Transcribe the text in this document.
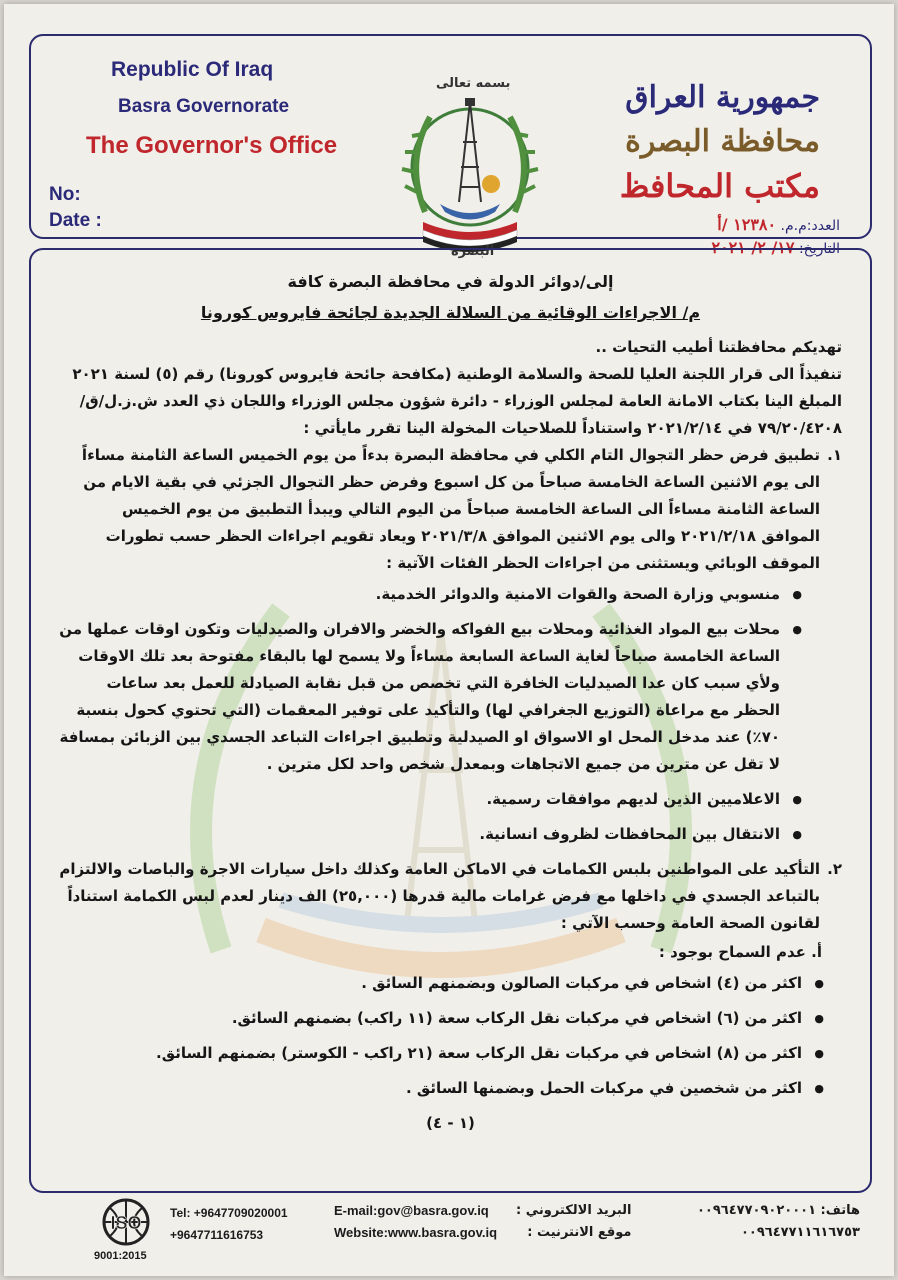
Republic Of Iraq
Basra Governorate
The Governor's Office
No:
Date :
بسمه تعالى
البصرة
جمهورية العراق
محافظة البصرة
مكتب المحافظ
العدد:م.م. ١٢٣٨٠ /أ
التاريخ: ١٧/ ٢/ ٢٠٢١

إلى/دوائر الدولة في محافظة البصرة كافة

م/ الاجراءات الوقائية من السلالة الجديدة لجائحة فايروس كورونا

تهديكم محافظتنا أطيب التحيات ..

تنفيذاً الى قرار اللجنة العليا للصحة والسلامة الوطنية (مكافحة جائحة فايروس كورونا) رقم (٥) لسنة ٢٠٢١ المبلغ الينا بكتاب الامانة العامة لمجلس الوزراء - دائرة شؤون مجلس الوزراء واللجان ذي العدد ش.ز.ل/ق/٧٩/٢٠/٤٢٠٨ في ٢٠٢١/٢/١٤ واستناداً للصلاحيات المخولة الينا تقرر مايأتي :

١.

تطبيق فرض حظر التجوال التام الكلي في محافظة البصرة بدءاً من يوم الخميس الساعة الثامنة مساءاً الى يوم الاثنين الساعة الخامسة صباحاً من كل اسبوع وفرض حظر التجوال الجزئي في بقية الايام من الساعة الثامنة مساءاً الى الساعة الخامسة صباحاً من اليوم التالي ويبدأ التطبيق من يوم الخميس الموافق ٢٠٢١/٢/١٨ والى يوم الاثنين الموافق ٢٠٢١/٣/٨ ويعاد تقويم اجراءات الحظر حسب تطورات الموقف الوبائي ويستثنى من اجراءات الحظر الفئات الآتية :

● منسوبي وزارة الصحة والقوات الامنية والدوائر الخدمية.
● محلات بيع المواد الغذائية ومحلات بيع الفواكه والخضر والافران والصيدليات وتكون اوقات عملها من الساعة الخامسة صباحاً لغاية الساعة السابعة مساءاً ولا يسمح لها بالبقاء مفتوحة بعد تلك الاوقات ولأي سبب كان عدا الصيدليات الخافرة التي تخصص من قبل نقابة الصيادلة للعمل بعد ساعات الحظر مع مراعاة (التوزيع الجغرافي لها) والتأكيد على توفير المعقمات (التي تحتوي كحول بنسبة ٧٠٪) عند مدخل المحل او الاسواق او الصيدلية وتطبيق اجراءات التباعد الجسدي بين الزبائن بمسافة لا تقل عن مترين من جميع الاتجاهات وبمعدل شخص واحد لكل مترين .
● الاعلاميين الذين لديهم موافقات رسمية.
● الانتقال بين المحافظات لظروف انسانية.
٢.

التأكيد على المواطنين بلبس الكمامات في الاماكن العامة وكذلك داخل سيارات الاجرة والباصات والالتزام بالتباعد الجسدي في داخلها مع فرض غرامات مالية قدرها (٢٥,٠٠٠) الف دينار لعدم لبس الكمامة استناداً لقانون الصحة العامة وحسب الآتي :

أ. عدم السماح بوجود :

● اكثر من (٤) اشخاص في مركبات الصالون وبضمنهم السائق .
● اكثر من (٦) اشخاص في مركبات نقل الركاب سعة (١١ راكب) بضمنهم السائق.
● اكثر من (٨) اشخاص في مركبات نقل الركاب سعة (٢١ راكب - الكوستر) بضمنهم السائق.
● اكثر من شخصين في مركبات الحمل وبضمنها السائق .

(١ - ٤)

ISO
9001:2015
Tel: +9647709020001
+9647711616753
E-mail:gov@basra.gov.iq
Website:www.basra.gov.iq
البريد الالكتروني :
موقع الانترنيت :
هاتف: ٠٠٩٦٤٧٧٠٩٠٢٠٠٠١
٠٠٩٦٤٧٧١١٦١٦٧٥٣
